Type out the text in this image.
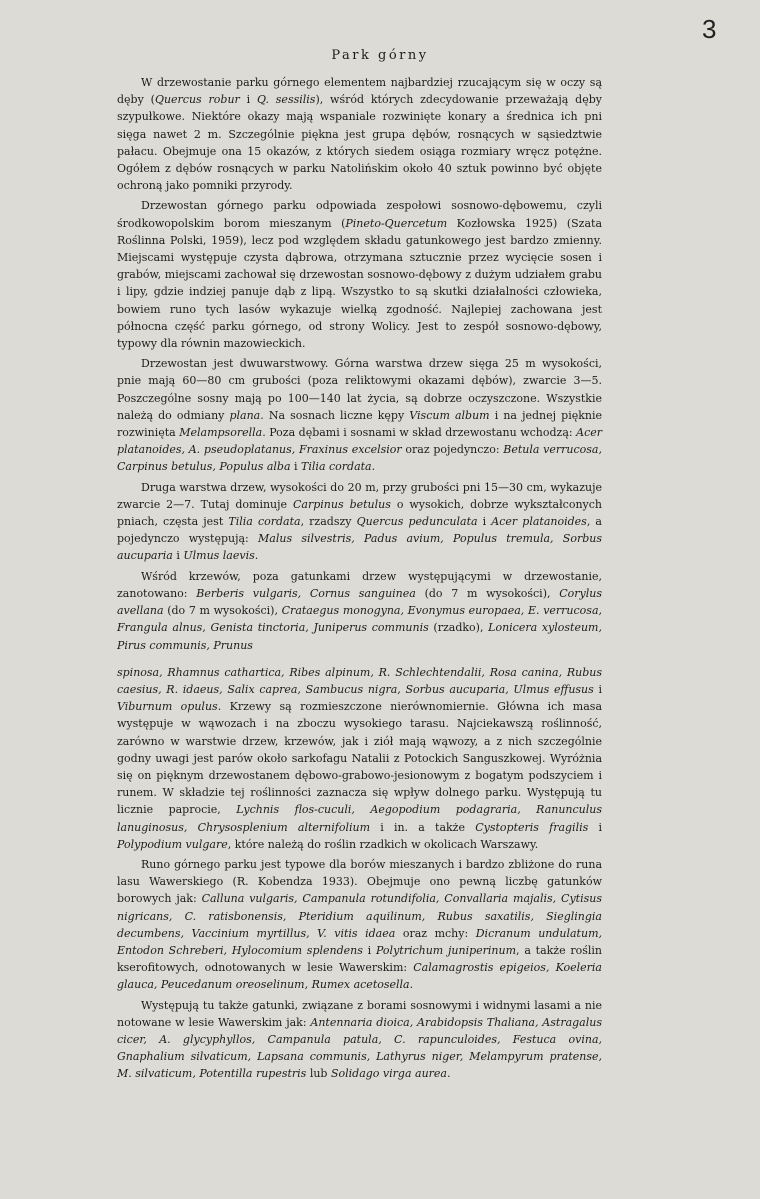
3
Park górny

W drzewostanie parku górnego elementem najbardziej rzucającym się w oczy są dęby (Quercus robur i Q. sessilis), wśród których zdecydowanie przeważają dęby szypułkowe. Niektóre okazy mają wspaniale rozwinięte konary a średnica ich pni sięga nawet 2 m. Szczególnie piękna jest grupa dębów, rosnących w sąsiedztwie pałacu. Obejmuje ona 15 okazów, z których siedem osiąga rozmiary wręcz potężne. Ogółem z dębów rosnących w parku Natolińskim około 40 sztuk powinno być objęte ochroną jako pomniki przyrody.

Drzewostan górnego parku odpowiada zespołowi sosnowo-dębowemu, czyli środkowopolskim borom mieszanym (Pineto-Quercetum Kozłowska 1925) (Szata Roślinna Polski, 1959), lecz pod względem składu gatunkowego jest bardzo zmienny. Miejscami występuje czysta dąbrowa, otrzymana sztucznie przez wycięcie sosen i grabów, miejscami zachował się drzewostan sosnowo-dębowy z dużym udziałem grabu i lipy, gdzie indziej panuje dąb z lipą. Wszystko to są skutki działalności człowieka, bowiem runo tych lasów wykazuje wielką zgodność. Najlepiej zachowana jest północna część parku górnego, od strony Wolicy. Jest to zespół sosnowo-dębowy, typowy dla równin mazowieckich.

Drzewostan jest dwuwarstwowy. Górna warstwa drzew sięga 25 m wysokości, pnie mają 60—80 cm grubości (poza reliktowymi okazami dębów), zwarcie 3—5. Poszczególne sosny mają po 100—140 lat życia, są dobrze oczyszczone. Wszystkie należą do odmiany plana. Na sosnach liczne kępy Viscum album i na jednej pięknie rozwinięta Melampsorella. Poza dębami i sosnami w skład drzewostanu wchodzą: Acer platanoides, A. pseudoplatanus, Fraxinus excelsior oraz pojedynczo: Betula verrucosa, Carpinus betulus, Populus alba i Tilia cordata.

Druga warstwa drzew, wysokości do 20 m, przy grubości pni 15—30 cm, wykazuje zwarcie 2—7. Tutaj dominuje Carpinus betulus o wysokich, dobrze wykształconych pniach, częsta jest Tilia cordata, rzadszy Quercus pedunculata i Acer platanoides, a pojedynczo występują: Malus silvestris, Padus avium, Populus tremula, Sorbus aucuparia i Ulmus laevis.

Wśród krzewów, poza gatunkami drzew występującymi w drzewostanie, zanotowano: Berberis vulgaris, Cornus sanguinea (do 7 m wysokości), Corylus avellana (do 7 m wysokości), Crataegus monogyna, Evonymus europaea, E. verrucosa, Frangula alnus, Genista tinctoria, Juniperus communis (rzadko), Lonicera xylosteum, Pirus communis, Prunus

spinosa, Rhamnus cathartica, Ribes alpinum, R. Schlechtendalii, Rosa canina, Rubus caesius, R. idaeus, Salix caprea, Sambucus nigra, Sorbus aucuparia, Ulmus effusus i Viburnum opulus. Krzewy są rozmieszczone nierównomiernie. Główna ich masa występuje w wąwozach i na zboczu wysokiego tarasu. Najciekawszą roślinność, zarówno w warstwie drzew, krzewów, jak i ziół mają wąwozy, a z nich szczególnie godny uwagi jest parów około sarkofagu Natalii z Potockich Sanguszkowej. Wyróżnia się on pięknym drzewostanem dębowo-grabowo-jesionowym z bogatym podszyciem i runem. W składzie tej roślinności zaznacza się wpływ dolnego parku. Występują tu licznie paprocie, Lychnis flos-cuculi, Aegopodium podagraria, Ranunculus lanuginosus, Chrysosplenium alternifolium i in. a także Cystopteris fragilis i Polypodium vulgare, które należą do roślin rzadkich w okolicach Warszawy.

Runo górnego parku jest typowe dla borów mieszanych i bardzo zbliżone do runa lasu Wawerskiego (R. Kobendza 1933). Obejmuje ono pewną liczbę gatunków borowych jak: Calluna vulgaris, Campanula rotundifolia, Convallaria majalis, Cytisus nigricans, C. ratisbonensis, Pteridium aquilinum, Rubus saxatilis, Sieglingia decumbens, Vaccinium myrtillus, V. vitis idaea oraz mchy: Dicranum undulatum, Entodon Schreberi, Hylocomium splendens i Polytrichum juniperinum, a także roślin kserofitowych, odnotowanych w lesie Wawerskim: Calamagrostis epigeios, Koeleria glauca, Peucedanum oreoselinum, Rumex acetosella.

Występują tu także gatunki, związane z borami sosnowymi i widnymi lasami a nie notowane w lesie Wawerskim jak: Antennaria dioica, Arabidopsis Thaliana, Astragalus cicer, A. glycyphyllos, Campanula patula, C. rapunculoides, Festuca ovina, Gnaphalium silvaticum, Lapsana communis, Lathyrus niger, Melampyrum pratense, M. silvaticum, Potentilla rupestris lub Solidago virga aurea.
